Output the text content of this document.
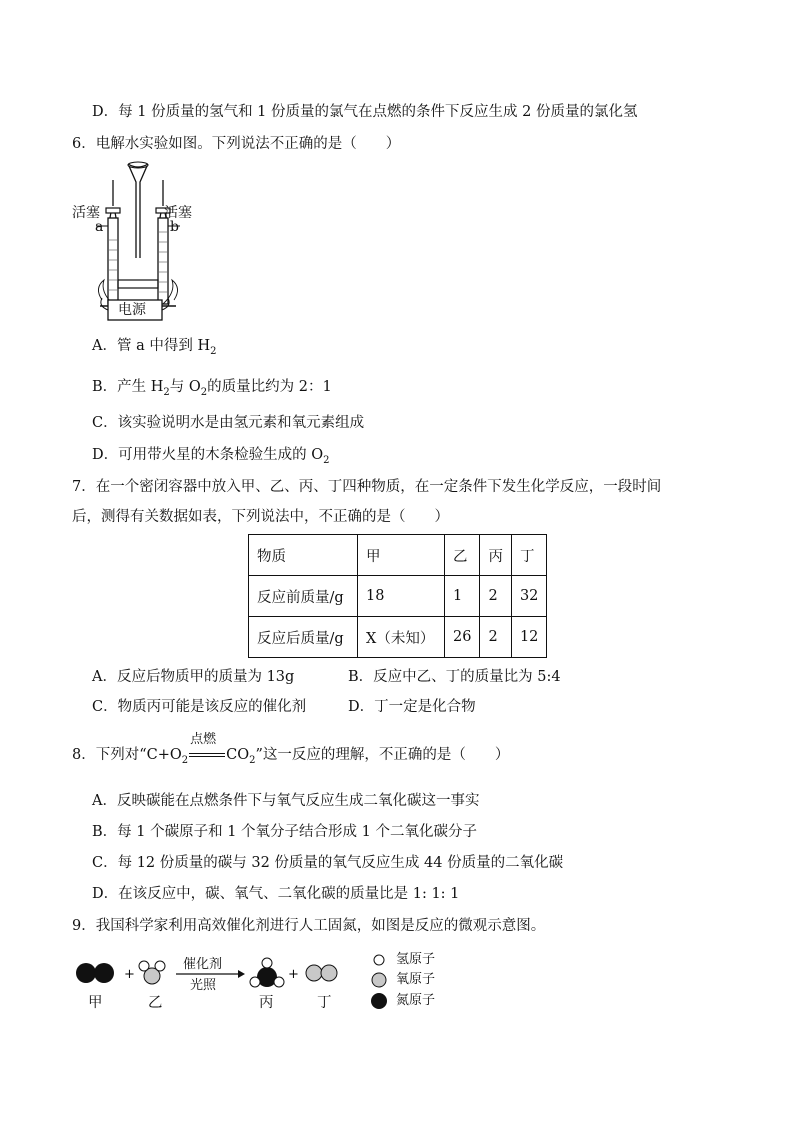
D．每 1 份质量的氢气和 1 份质量的氯气在点燃的条件下反应生成 2 份质量的氯化氢
6．电解水实验如图。下列说法不正确的是（　　）
活塞	活塞
a	b
电源
A．管 a 中得到 $H_2$
B．产生 $H_2$与 $O_2$的质量比约为 2：1
C．该实验说明水是由氢元素和氧元素组成
D．可用带火星的木条检验生成的 $O_2$
7．在一个密闭容器中放入甲、乙、丙、丁四种物质，在一定条件下发生化学反应，一段时间
后，测得有关数据如表，下列说法中，不正确的是（　　）
物质	甲	乙	丙	丁
反应前质量/g	18	1	2	32
反应后质量/g	X（未知）	26	2	12
A．反应后物质甲的质量为 13g	B．反应中乙、丁的质量比为 5:4
C．物质丙可能是该反应的催化剂	D．丁一定是化合物
8．下列对“$C+O_2$
点燃
$CO_2$”这一反应的理解，不正确的是（　　）
A．反映碳能在点燃条件下与氧气反应生成二氧化碳这一事实
B．每 1 个碳原子和 1 个氧分子结合形成 1 个二氧化碳分子
C．每 12 份质量的碳与 32 份质量的氧气反应生成 44 份质量的二氧化碳
D．在该反应中，碳、氧气、二氧化碳的质量比是 1: 1: 1
9．我国科学家利用高效催化剂进行人工固氮，如图是反应的微观示意图。
+	+
催化剂
光照
氢原子
氧原子
氮原子
甲	乙	丙	丁
